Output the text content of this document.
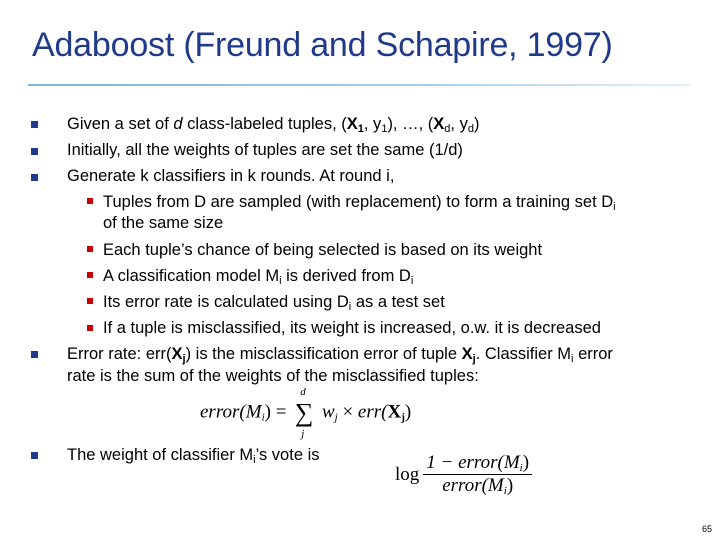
Adaboost (Freund and Schapire, 1997)
Given a set of d class-labeled tuples, ($X_1$, $y_1$), …, ($X_d$, $y_d$)
Initially, all the weights of tuples are set the same (1/d)
Generate k classifiers in k rounds. At round i,
Tuples from D are sampled (with replacement) to form a training set $D_i$
of the same size
Each tuple’s chance of being selected is based on its weight
A classification model $M_i$ is derived from $D_i$
Its error rate is calculated using $D_i$ as a test set
If a tuple is misclassified, its weight is increased, o.w. it is decreased
Error rate: $err(X_j)$ is the misclassification error of tuple $X_j$. Classifier $M_i$ error
rate is the sum of the weights of the misclassified tuples:
$error(M_i)$ =
d
∑
j
$w_j \times err(X_j)$
The weight of classifier $M_i’s$ vote is
log
$1 - error(M_i)$
$error(M_i)$
65
